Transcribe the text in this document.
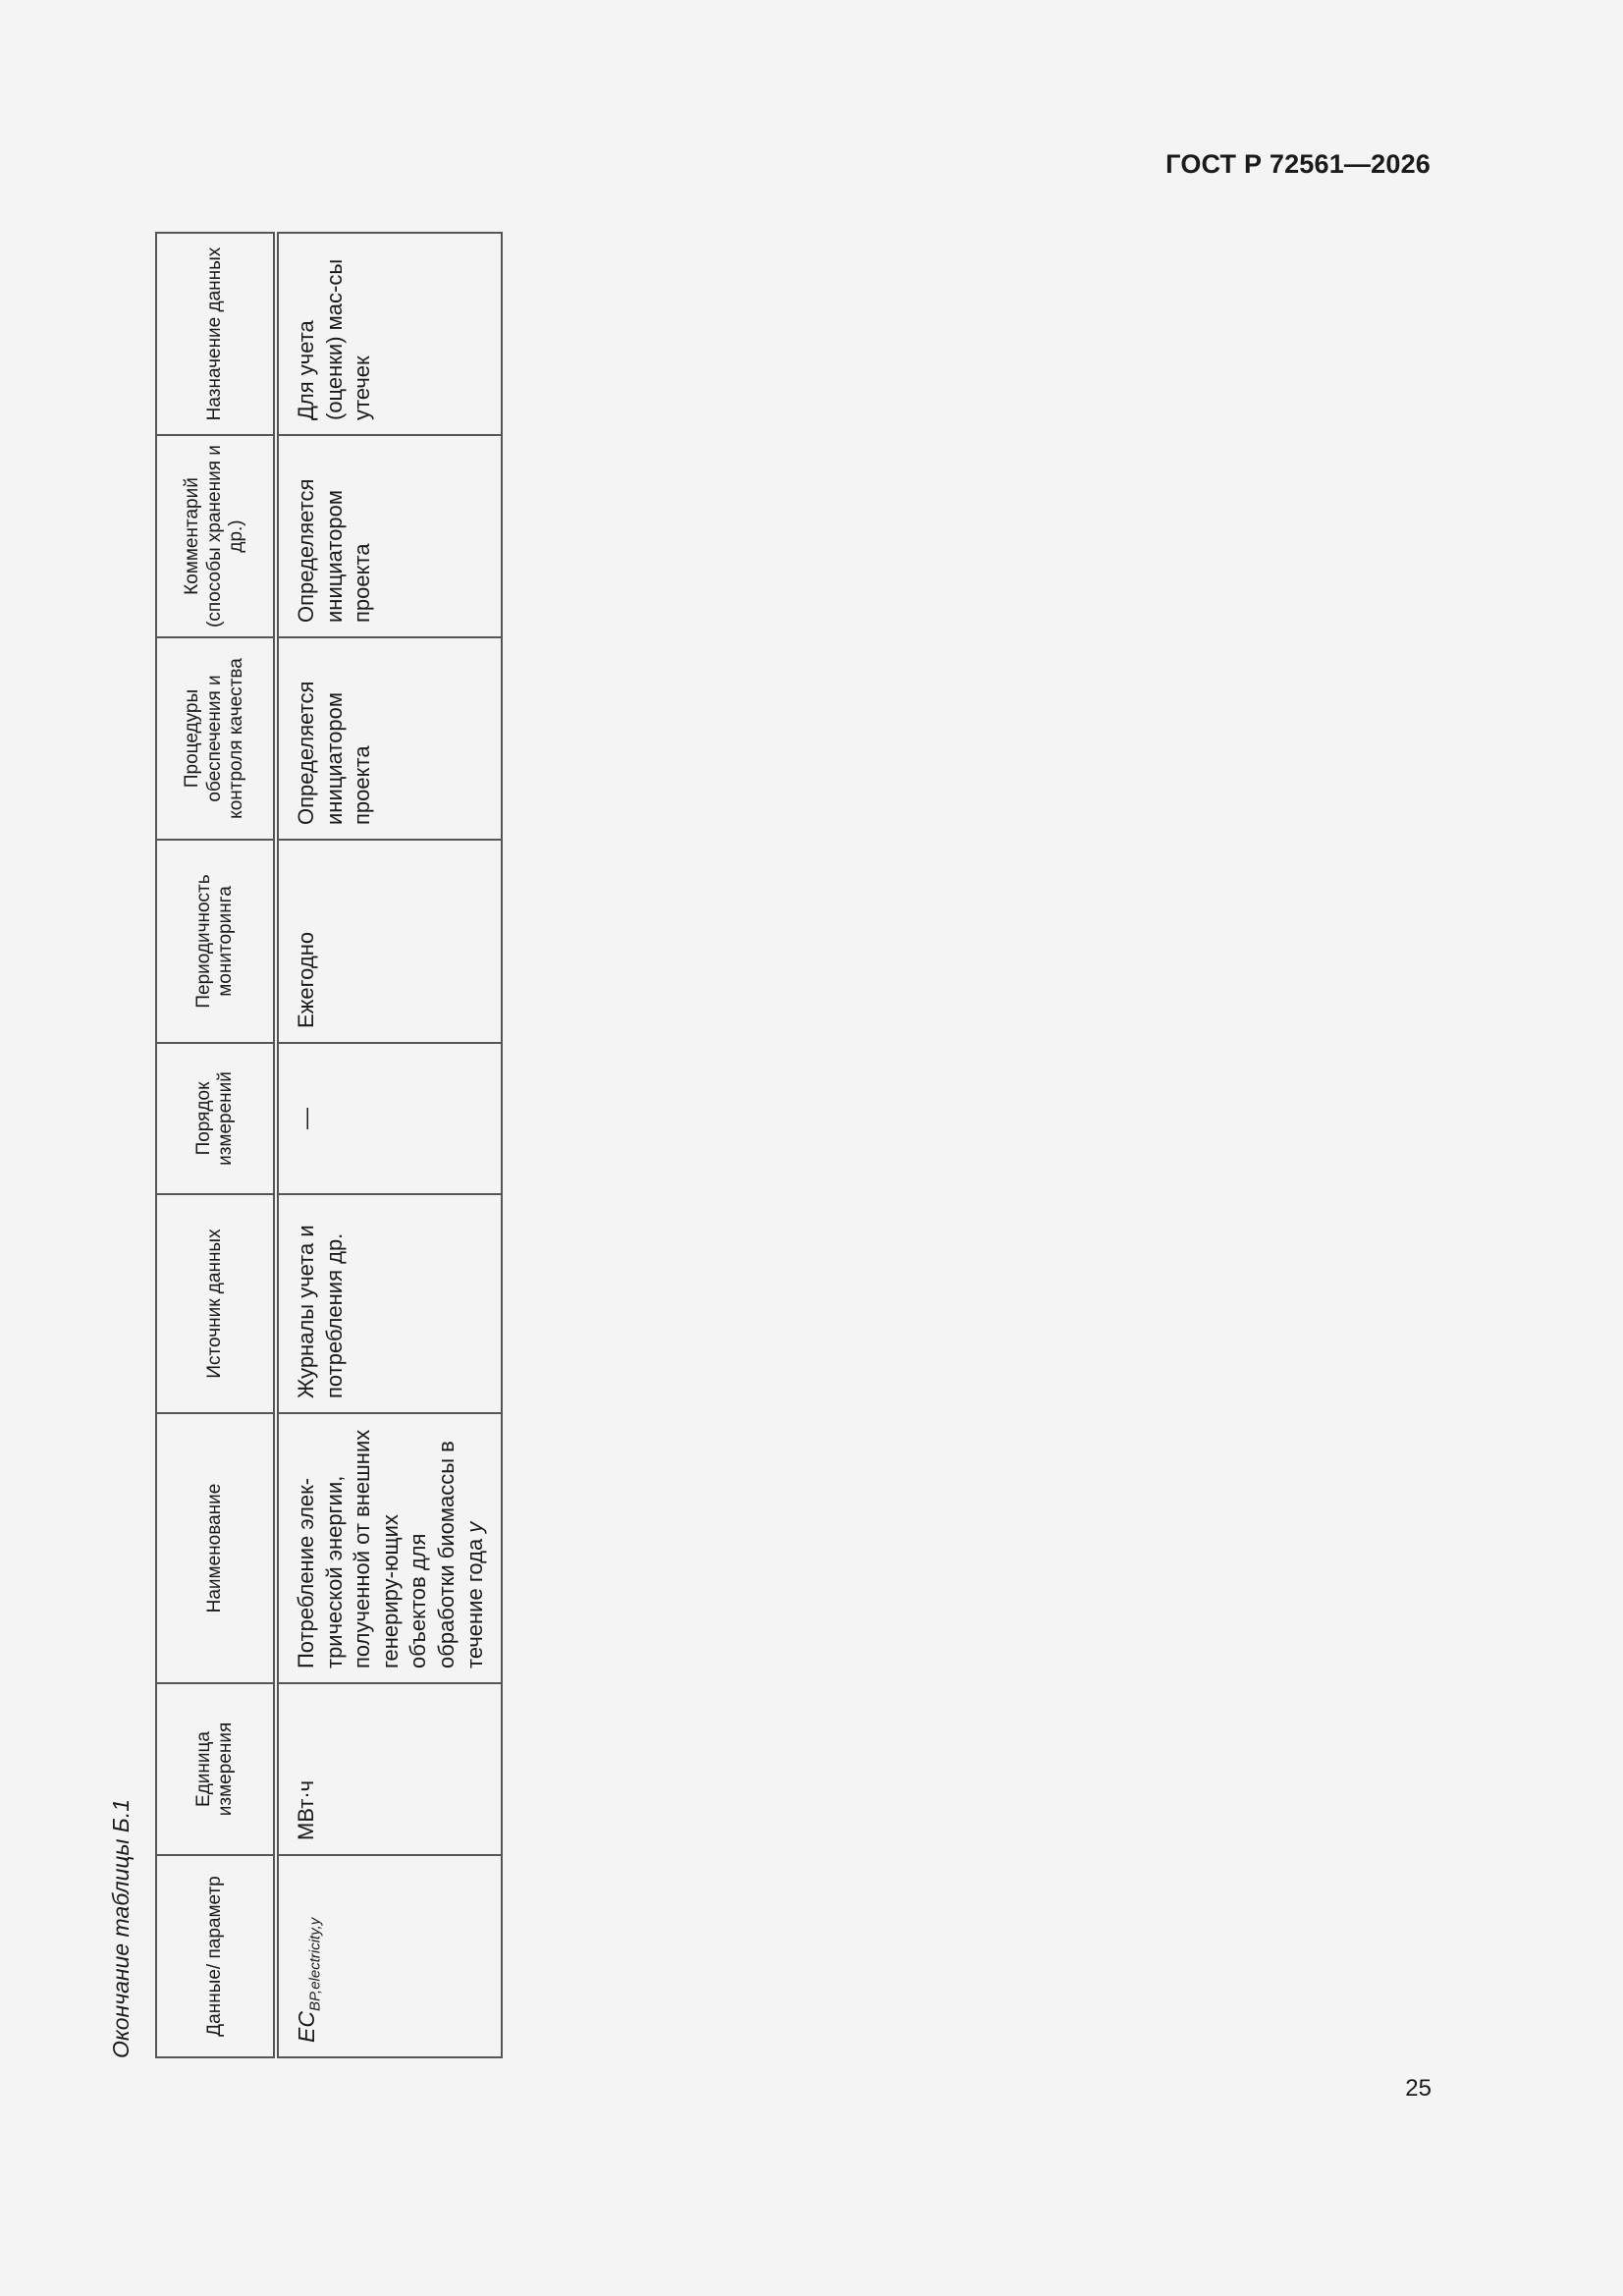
ГОСТ Р 72561—2026
Окончание таблицы Б.1	Данные/ параметр	Единица измерения	Наименование	Источник данных	Порядок измерений	Периодичность мониторинга	Процедуры обеспечения и контроля качества	Комментарий (способы хранения и др.)	Назначение данных
$EC_{BP,electricity,y}$	МВт·ч	Потребление элек-трической энергии, полученной от внешних генериру-ющих объектов для обработки биомассы в течение года y	Журналы учета и потребления др.	—	Ежегодно	Определяется инициатором проекта	Определяется инициатором проекта	Для учета (оценки) мас-сы утечек
25
